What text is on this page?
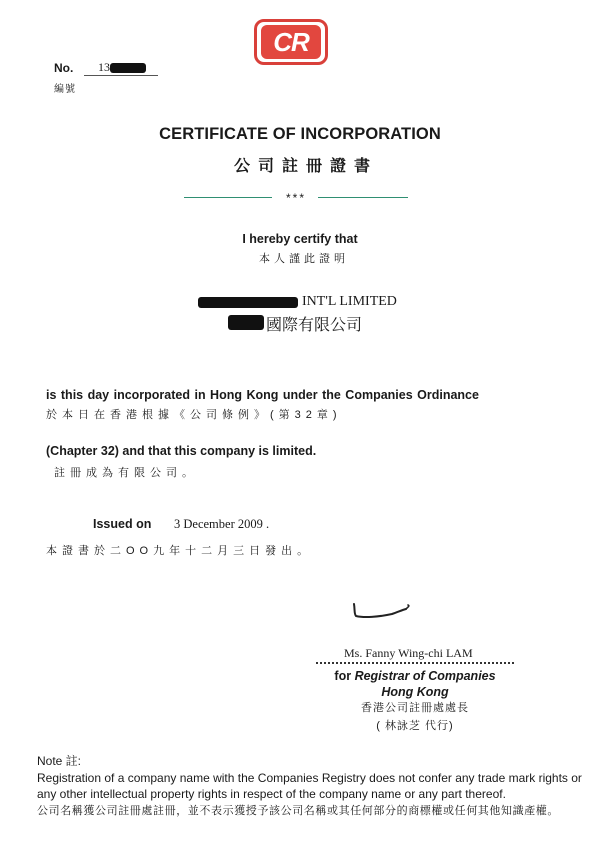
CR
No. 13
編號
CERTIFICATE OF INCORPORATION
公司註冊證書
***
I hereby certify that
本人謹此證明
INT'L LIMITED
國際有限公司
is this day incorporated in Hong Kong under the Companies Ordinance
於本日在香港根據《公司條例》(第32章)
(Chapter 32) and that this company is limited.
註冊成為有限公司。
Issued on 3 December 2009 .
本證書於二OO九年十二月三日發出。
Ms. Fanny Wing-chi LAM
for Registrar of Companies
Hong Kong
香港公司註冊處處長
( 林詠芝 代行)
Note 註:
Registration of a company name with the Companies Registry does not confer any trade mark rights or any other intellectual property rights in respect of the company name or any part thereof.
公司名稱獲公司註冊處註冊，並不表示獲授予該公司名稱或其任何部分的商標權或任何其他知識產權。
